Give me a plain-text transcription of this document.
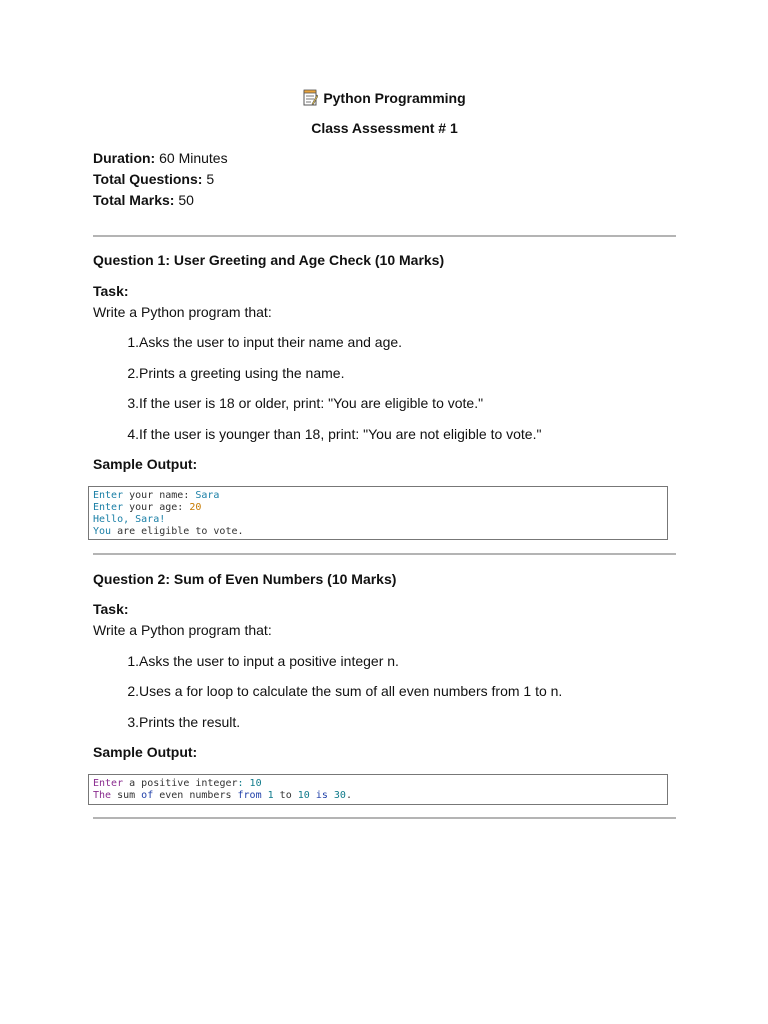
Python Programming
Class Assessment # 1
Duration: 60 Minutes
Total Questions: 5
Total Marks: 50
Question 1: User Greeting and Age Check (10 Marks)
Task:
Write a Python program that:
1. Asks the user to input their name and age.
2. Prints a greeting using the name.
3. If the user is 18 or older, print: "You are eligible to vote."
4. If the user is younger than 18, print: "You are not eligible to vote."
Sample Output:
Enter your name: Sara
Enter your age: 20
Hello, Sara!
You are eligible to vote.
Question 2: Sum of Even Numbers (10 Marks)
Task:
Write a Python program that:
1. Asks the user to input a positive integer n.
2. Uses a for loop to calculate the sum of all even numbers from 1 to n.
3. Prints the result.
Sample Output:
Enter a positive integer: 10
The sum of even numbers from 1 to 10 is 30.
